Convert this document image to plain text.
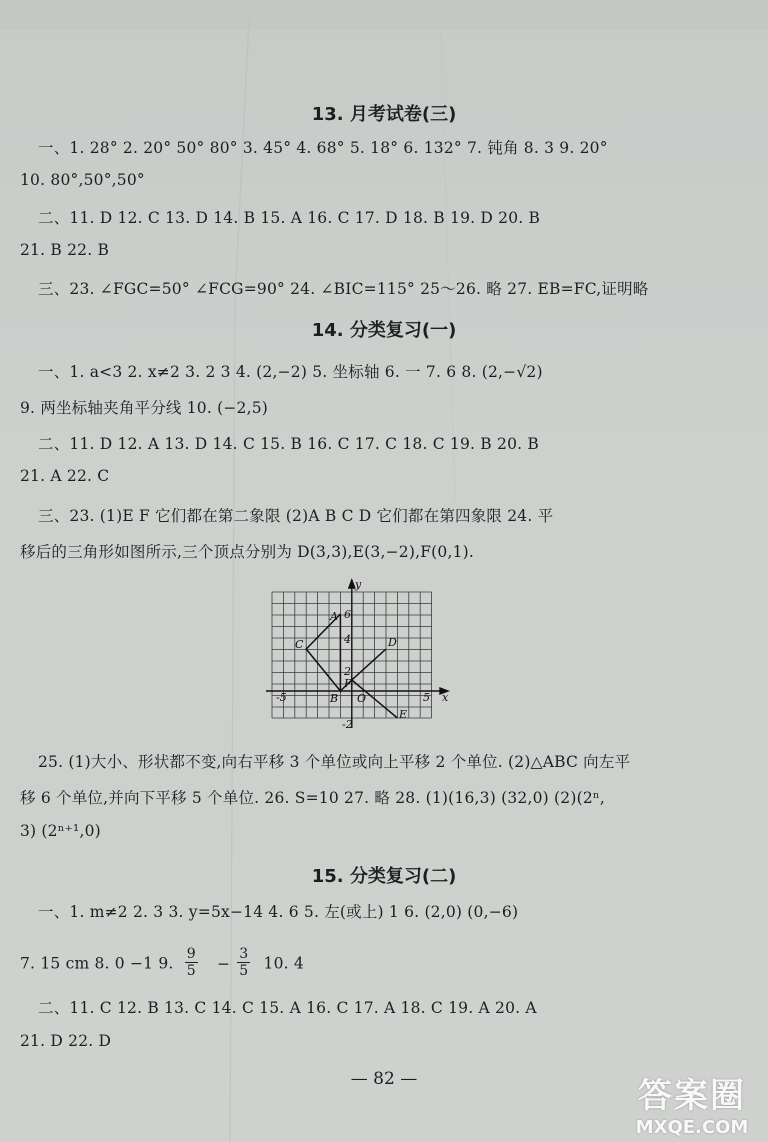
13. 月考试卷(三)
一、1. 28° 2. 20° 50° 80° 3. 45° 4. 68° 5. 18° 6. 132° 7. 钝角 8. 3 9. 20°
10. 80°,50°,50°
二、11. D 12. C 13. D 14. B 15. A 16. C 17. D 18. B 19. D 20. B
21. B 22. B
三、23. ∠FGC=50° ∠FCG=90° 24. ∠BIC=115° 25～26. 略 27. EB=FC,证明略
14. 分类复习(一)
一、1. a<3 2. x≠2 3. 2 3 4. (2,−2) 5. 坐标轴 6. 一 7. 6 8. (2,−√2)
9. 两坐标轴夹角平分线 10. (−2,5)
二、11. D 12. A 13. D 14. C 15. B 16. C 17. C 18. C 19. B 20. B
21. A 22. C
三、23. (1)E F 它们都在第二象限 (2)A B C D 它们都在第四象限 24. 平
移后的三角形如图所示,三个顶点分别为 D(3,3),E(3,−2),F(0,1).
y
x
O
6
4
2
-2
-5	5
A
B
C	D
E
F
25. (1)大小、形状都不变,向右平移 3 个单位或向上平移 2 个单位. (2)△ABC 向左平
移 6 个单位,并向下平移 5 个单位. 26. S=10 27. 略 28. (1)(16,3) (32,0) (2)(2ⁿ,
3) (2ⁿ⁺¹,0)
15. 分类复习(二)
一、1. m≠2 2. 3 3. y=5x−14 4. 6 5. 左(或上) 1 6. (2,0) (0,−6)
7. 15 cm 8. 0 −1 9. $\frac{9}{5} - \frac{3}{5} 10$. 4
二、11. C 12. B 13. C 14. C 15. A 16. C 17. A 18. C 19. A 20. A
21. D 22. D
— 82 —	答案圈
MXQE.COM
